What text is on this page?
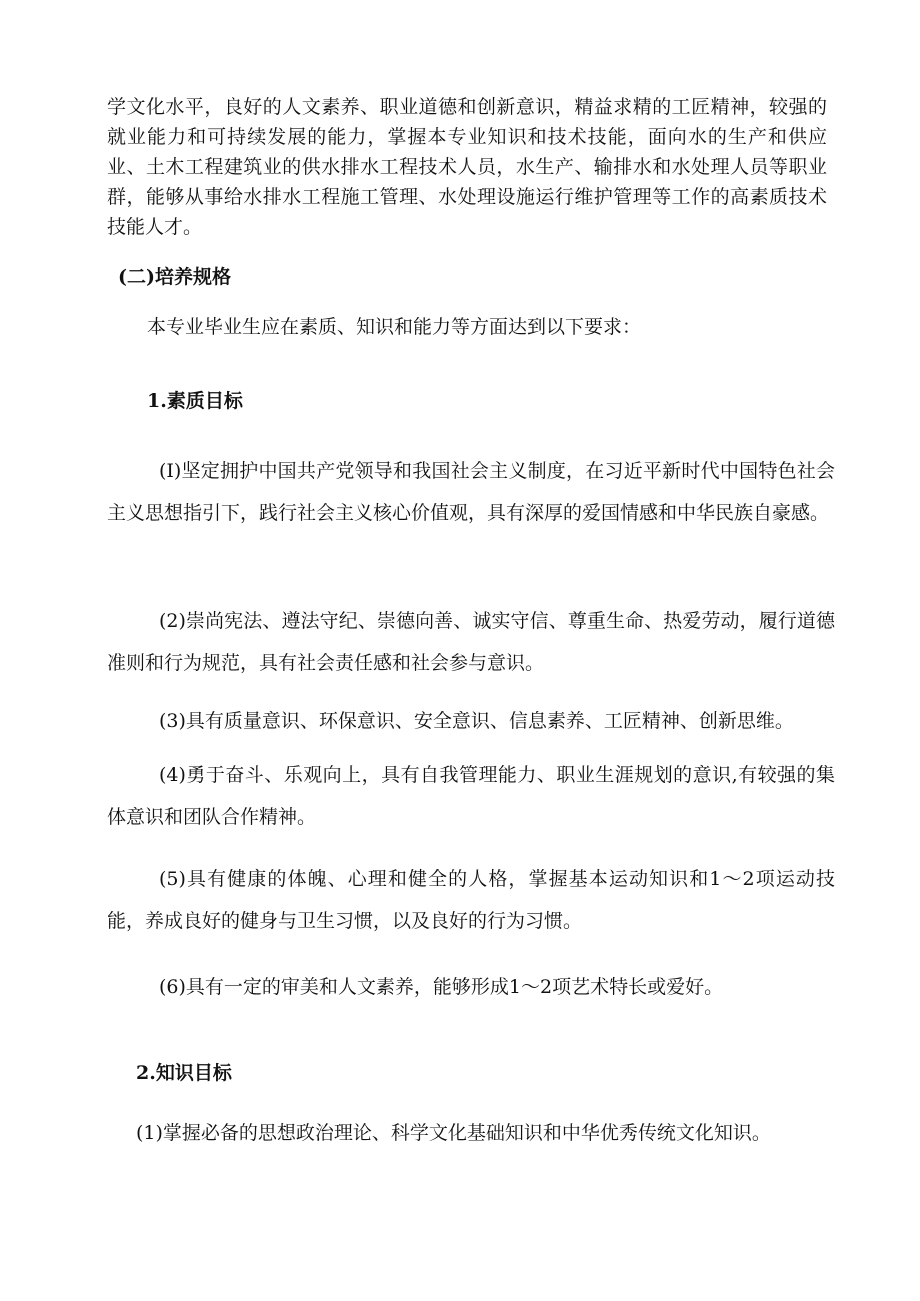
学文化水平，良好的人文素养、职业道德和创新意识，精益求精的工匠精神，较强的就业能力和可持续发展的能力，掌握本专业知识和技术技能，面向水的生产和供应业、土木工程建筑业的供水排水工程技术人员，水生产、输排水和水处理人员等职业群，能够从事给水排水工程施工管理、水处理设施运行维护管理等工作的高素质技术技能人才。

(二)培养规格

本专业毕业生应在素质、知识和能力等方面达到以下要求：

1.素质目标

(I)坚定拥护中国共产党领导和我国社会主义制度，在习近平新时代中国特色社会主义思想指引下，践行社会主义核心价值观，具有深厚的爱国情感和中华民族自豪感。

(2)崇尚宪法、遵法守纪、崇德向善、诚实守信、尊重生命、热爱劳动，履行道德准则和行为规范，具有社会责任感和社会参与意识。

(3)具有质量意识、环保意识、安全意识、信息素养、工匠精神、创新思维。

(4)勇于奋斗、乐观向上，具有自我管理能力、职业生涯规划的意识,有较强的集体意识和团队合作精神。

(5)具有健康的体魄、心理和健全的人格，掌握基本运动知识和1～2项运动技能，养成良好的健身与卫生习惯，以及良好的行为习惯。

(6)具有一定的审美和人文素养，能够形成1～2项艺术特长或爱好。

2.知识目标

(1)掌握必备的思想政治理论、科学文化基础知识和中华优秀传统文化知识。
